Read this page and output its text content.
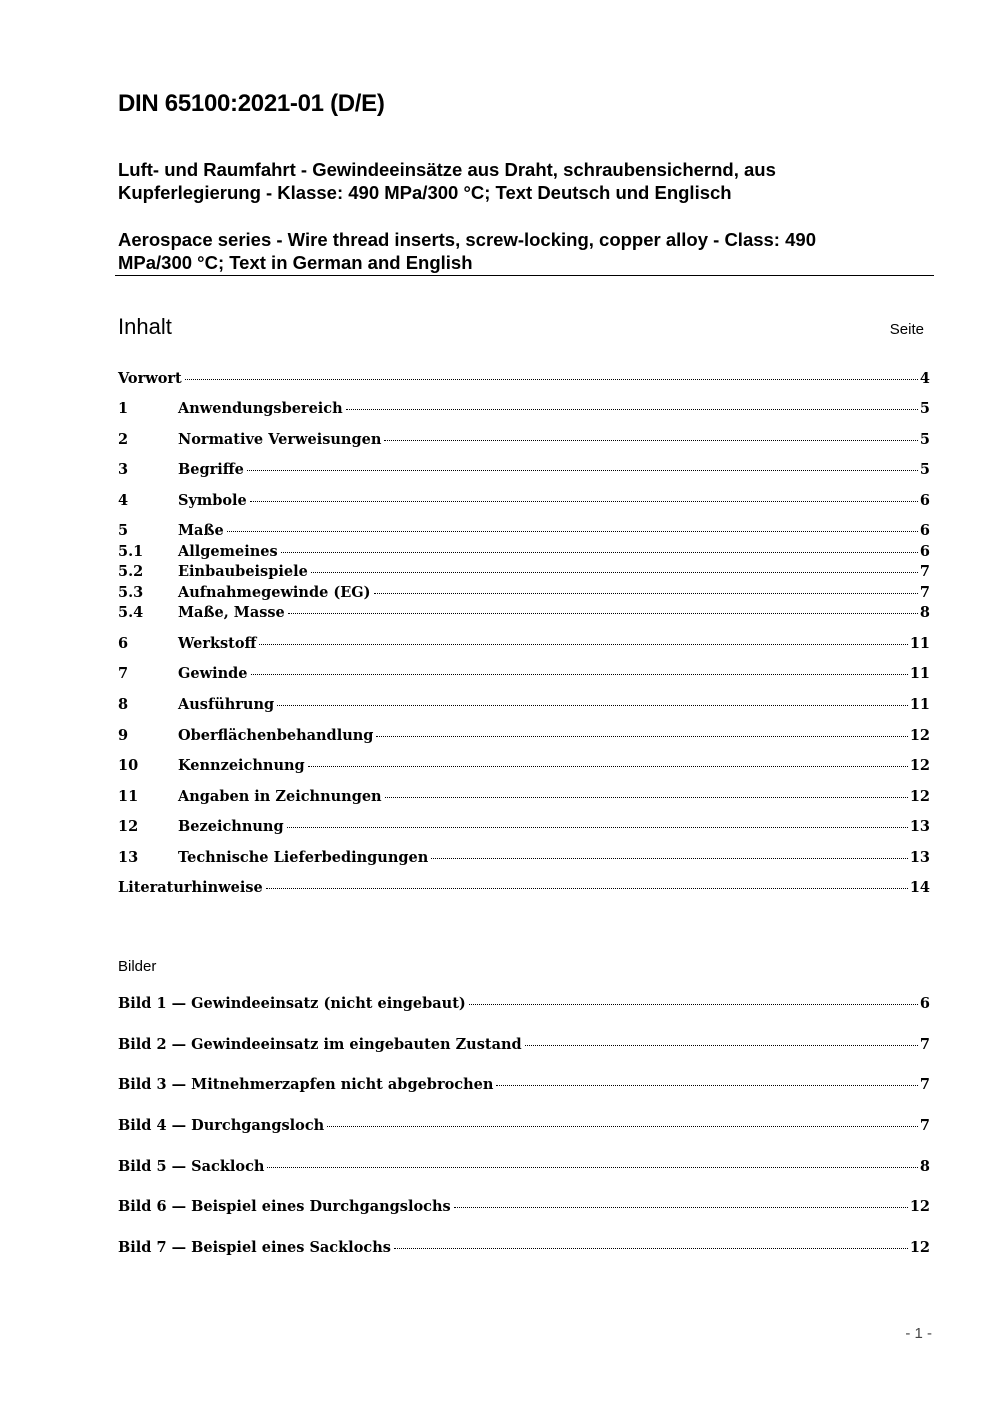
DIN 65100:2021-01 (D/E)
Luft- und Raumfahrt - Gewindeeinsätze aus Draht, schraubensichernd, aus
Kupferlegierung - Klasse: 490 MPa/300 °C; Text Deutsch und Englisch
Aerospace series - Wire thread inserts, screw-locking, copper alloy - Class: 490
MPa/300 °C; Text in German and English
Inhalt	Seite
Vorwort	4
1	Anwendungsbereich	5
2	Normative Verweisungen	5
3	Begriffe	5
4	Symbole	6
5	Maße	6
5.1	Allgemeines	6
5.2	Einbaubeispiele	7
5.3	Aufnahmegewinde (EG)	7
5.4	Maße, Masse	8
6	Werkstoff	11
7	Gewinde	11
8	Ausführung	11
9	Oberflächenbehandlung	12
10	Kennzeichnung	12
11	Angaben in Zeichnungen	12
12	Bezeichnung	13
13	Technische Lieferbedingungen	13
Literaturhinweise	14
Bilder
Bild 1 — Gewindeeinsatz (nicht eingebaut)	6
Bild 2 — Gewindeeinsatz im eingebauten Zustand	7
Bild 3 — Mitnehmerzapfen nicht abgebrochen	7
Bild 4 — Durchgangsloch	7
Bild 5 — Sackloch	8
Bild 6 — Beispiel eines Durchgangslochs	12
Bild 7 — Beispiel eines Sacklochs	12
- 1 -
